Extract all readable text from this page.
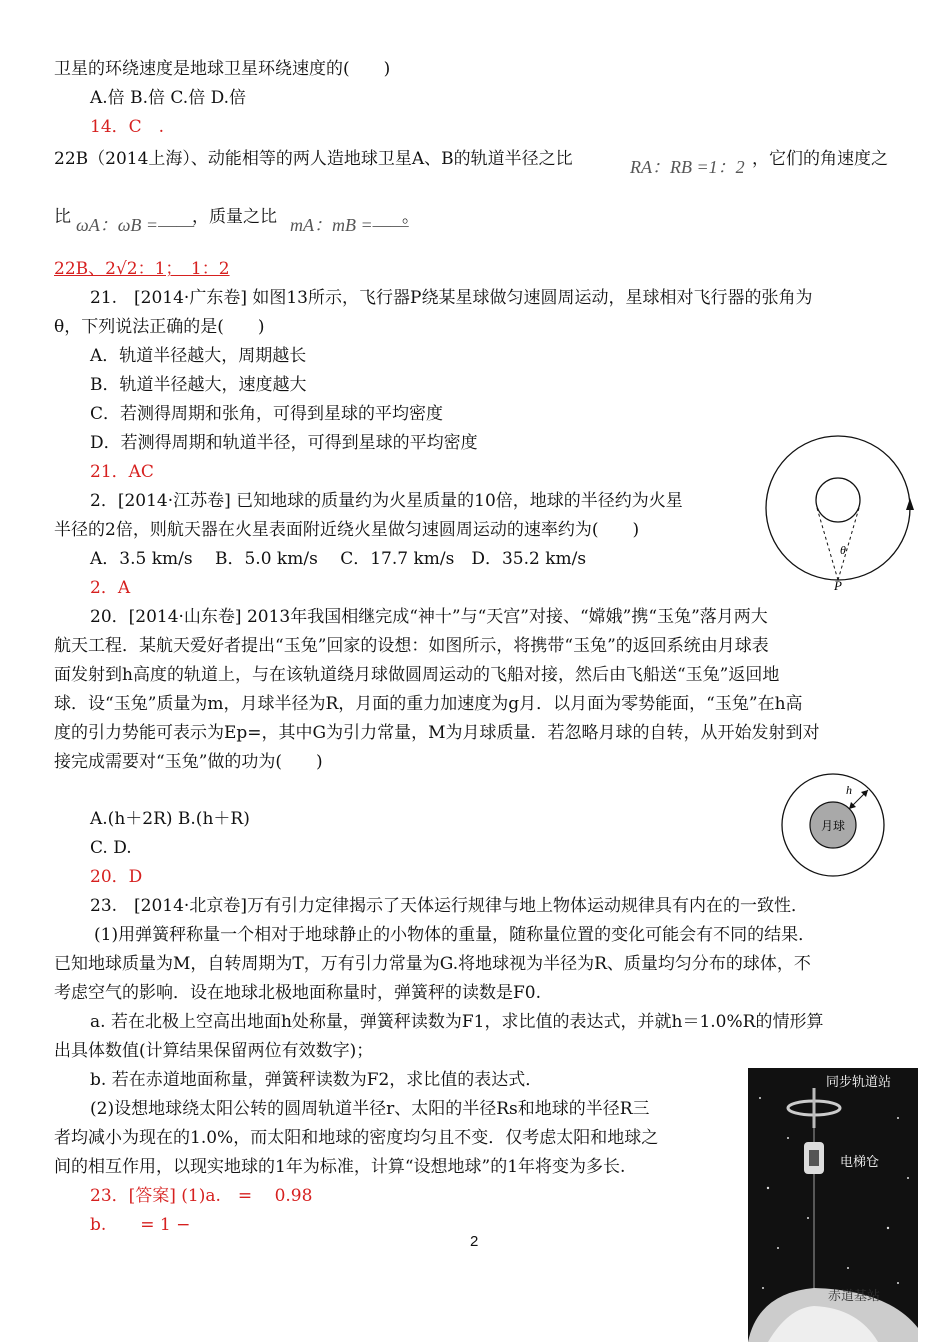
卫星的环绕速度是地球卫星环绕速度的(　　)
A.倍 B.倍 C.倍 D.倍
14．C　.
22B（2014上海）、动能相等的两人造地球卫星A、B的轨道半径之比	RA：RB =1：2 ，它们的角速度之
比 ωA：ωB =——
，质量之比 mA：mB =——
。
22B、2√2：1；　1：2
21.　[2014·广东卷] 如图13所示，飞行器P绕某星球做匀速圆周运动，星球相对飞行器的张角为
θ，下列说法正确的是(　　)
A．轨道半径越大，周期越长
B．轨道半径越大，速度越大
C．若测得周期和张角，可得到星球的平均密度
D．若测得周期和轨道半径，可得到星球的平均密度
21．AC
2．[2014·江苏卷] 已知地球的质量约为火星质量的10倍，地球的半径约为火星
半径的2倍，则航天器在火星表面附近绕火星做匀速圆周运动的速率约为(　　)
A．3.5 km/s　 B．5.0 km/s　 C．17.7 km/s　D．35.2 km/s
2．A
20．[2014·山东卷] 2013年我国相继完成“神十”与“天宫”对接、“嫦娥”携“玉兔”落月两大
航天工程．某航天爱好者提出“玉兔”回家的设想：如图所示，将携带“玉兔”的返回系统由月球表
面发射到h高度的轨道上，与在该轨道绕月球做圆周运动的飞船对接，然后由飞船送“玉兔”返回地
球．设“玉兔”质量为m，月球半径为R，月面的重力加速度为g月．以月面为零势能面，“玉兔”在h高
度的引力势能可表示为Ep=，其中G为引力常量，M为月球质量．若忽略月球的自转，从开始发射到对
接完成需要对“玉兔”做的功为(　　)
A.(h＋2R) B.(h＋R)
C. D.
20．D
23.　[2014·北京卷]万有引力定律揭示了天体运行规律与地上物体运动规律具有内在的一致性．
(1)用弹簧秤称量一个相对于地球静止的小物体的重量，随称量位置的变化可能会有不同的结果．
已知地球质量为M，自转周期为T，万有引力常量为G.将地球视为半径为R、质量均匀分布的球体，不
考虑空气的影响．设在地球北极地面称量时，弹簧秤的读数是F0.
a. 若在北极上空高出地面h处称量，弹簧秤读数为F1，求比值的表达式，并就h＝1.0%R的情形算
出具体数值(计算结果保留两位有效数字)；
b. 若在赤道地面称量，弹簧秤读数为F2，求比值的表达式．
(2)设想地球绕太阳公转的圆周轨道半径r、太阳的半径Rs和地球的半径R三
者均减小为现在的1.0%，而太阳和地球的密度均匀且不变．仅考虑太阳和地球之
间的相互作用，以现实地球的1年为标准，计算“设想地球”的1年将变为多长.
23．[答案] (1)a.　=　 0.98
b.　　= 1 −
θ
P
h
月球
同步轨道站
电梯仓
赤道基站
2
